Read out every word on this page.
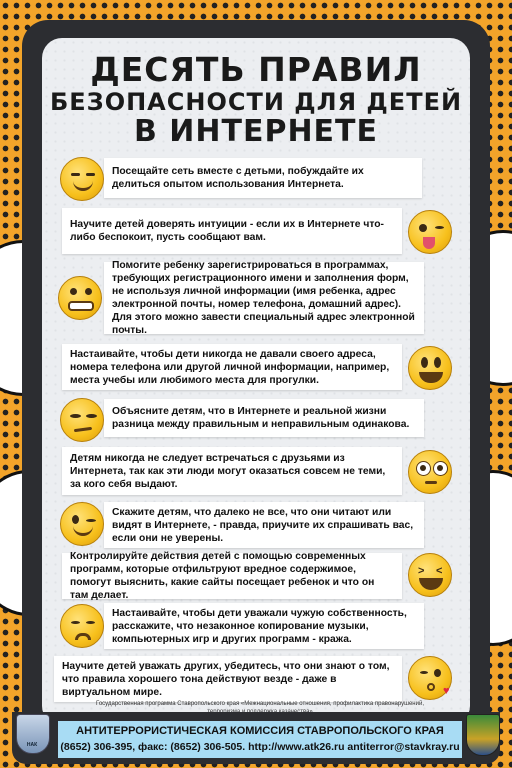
ДЕСЯТЬ ПРАВИЛ
БЕЗОПАСНОСТИ ДЛЯ ДЕТЕЙ
В ИНТЕРНЕТЕ
Посещайте сеть вместе с детьми, побуждайте их делиться опытом использования Интернета.
Научите детей доверять интуиции - если их в Интернете что-либо беспокоит, пусть сообщают вам.
Помогите ребенку зарегистрироваться в программах, требующих регистрационного имени и заполнения форм, не используя личной информации (имя ребенка, адрес электронной почты, номер телефона, домашний адрес). Для этого можно завести специальный адрес электронной почты.
Настаивайте, чтобы дети никогда не давали своего адреса, номера телефона или другой личной информации, например, места учебы или любимого места для прогулки.
Объясните детям, что в Интернете и реальной жизни разница между правильным и неправильным одинакова.
Детям никогда не следует встречаться с друзьями из Интернета, так как эти люди могут оказаться совсем не теми, за кого себя выдают.
Скажите детям, что далеко не все, что они читают или видят в Интернете, - правда, приучите их спрашивать вас, если они не уверены.
Контролируйте действия детей с помощью современных программ, которые отфильтруют вредное содержимое, помогут выяснить, какие сайты посещает ребенок и что он там делает.
> <
Настаивайте, чтобы дети уважали чужую собственность, расскажите, что незаконное копирование музыки, компьютерных игр и других программ - кража.
Научите детей уважать других, убедитесь, что они знают о том, что правила хорошего тона действуют везде - даже в виртуальном мире.	♥
Государственная программа Ставропольского края «Межнациональные отношения, профилактика правонарушений,
НАК
АНТИТЕРРОРИСТИЧЕСКАЯ КОМИССИЯ СТАВРОПОЛЬСКОГО КРАЯ
(8652) 306-395, факс: (8652) 306-505. http://www.atk26.ru antiterror@stavkray.ru
